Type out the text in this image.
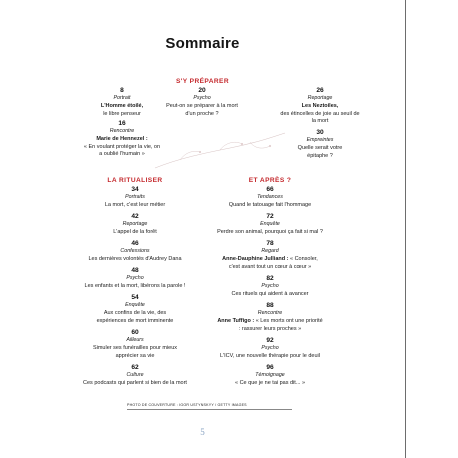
Sommaire
S'Y PRÉPARER
8
Portrait
L'Homme étoilé,
le libre penseur
16
Rencontre
Marie de Hennezel :
« En voulant protéger la vie, on a oublié l'humain »
20
Psycho
Peut-on se préparer à la mort d'un proche ?
26
Reportage
Les Neztoiles,
des étincelles de joie au seuil de la mort
30
Empreintes
Quelle serait votre épitaphe ?
LA RITUALISER
34
Portraits
La mort, c'est leur métier
42
Reportage
L'appel de la forêt
46
Confessions
Les dernières volontés d'Audrey Dana
48
Psycho
Les enfants et la mort, libérons la parole !
54
Enquête
Aux confins de la vie, des expériences de mort imminente
60
Ailleurs
Simuler ses funérailles pour mieux apprécier sa vie
62
Culture
Ces podcasts qui parlent si bien de la mort
ET APRÈS ?
66
Tendances
Quand le tatouage fait l'hommage
72
Enquête
Perdre son animal, pourquoi ça fait si mal ?
78
Regard
Anne-Dauphine Julliand : « Consoler, c'est avant tout un cœur à cœur »
82
Psycho
Ces rituels qui aident à avancer
88
Rencontre
Anne Tuffigo : « Les morts ont une priorité : rassurer leurs proches »
92
Psycho
L'ICV, une nouvelle thérapie pour le deuil
96
Témoignage
« Ce que je ne tai pas dit... »
PHOTO DE COUVERTURE : IGOR USTYNSKYY / GETTY IMAGES
5
